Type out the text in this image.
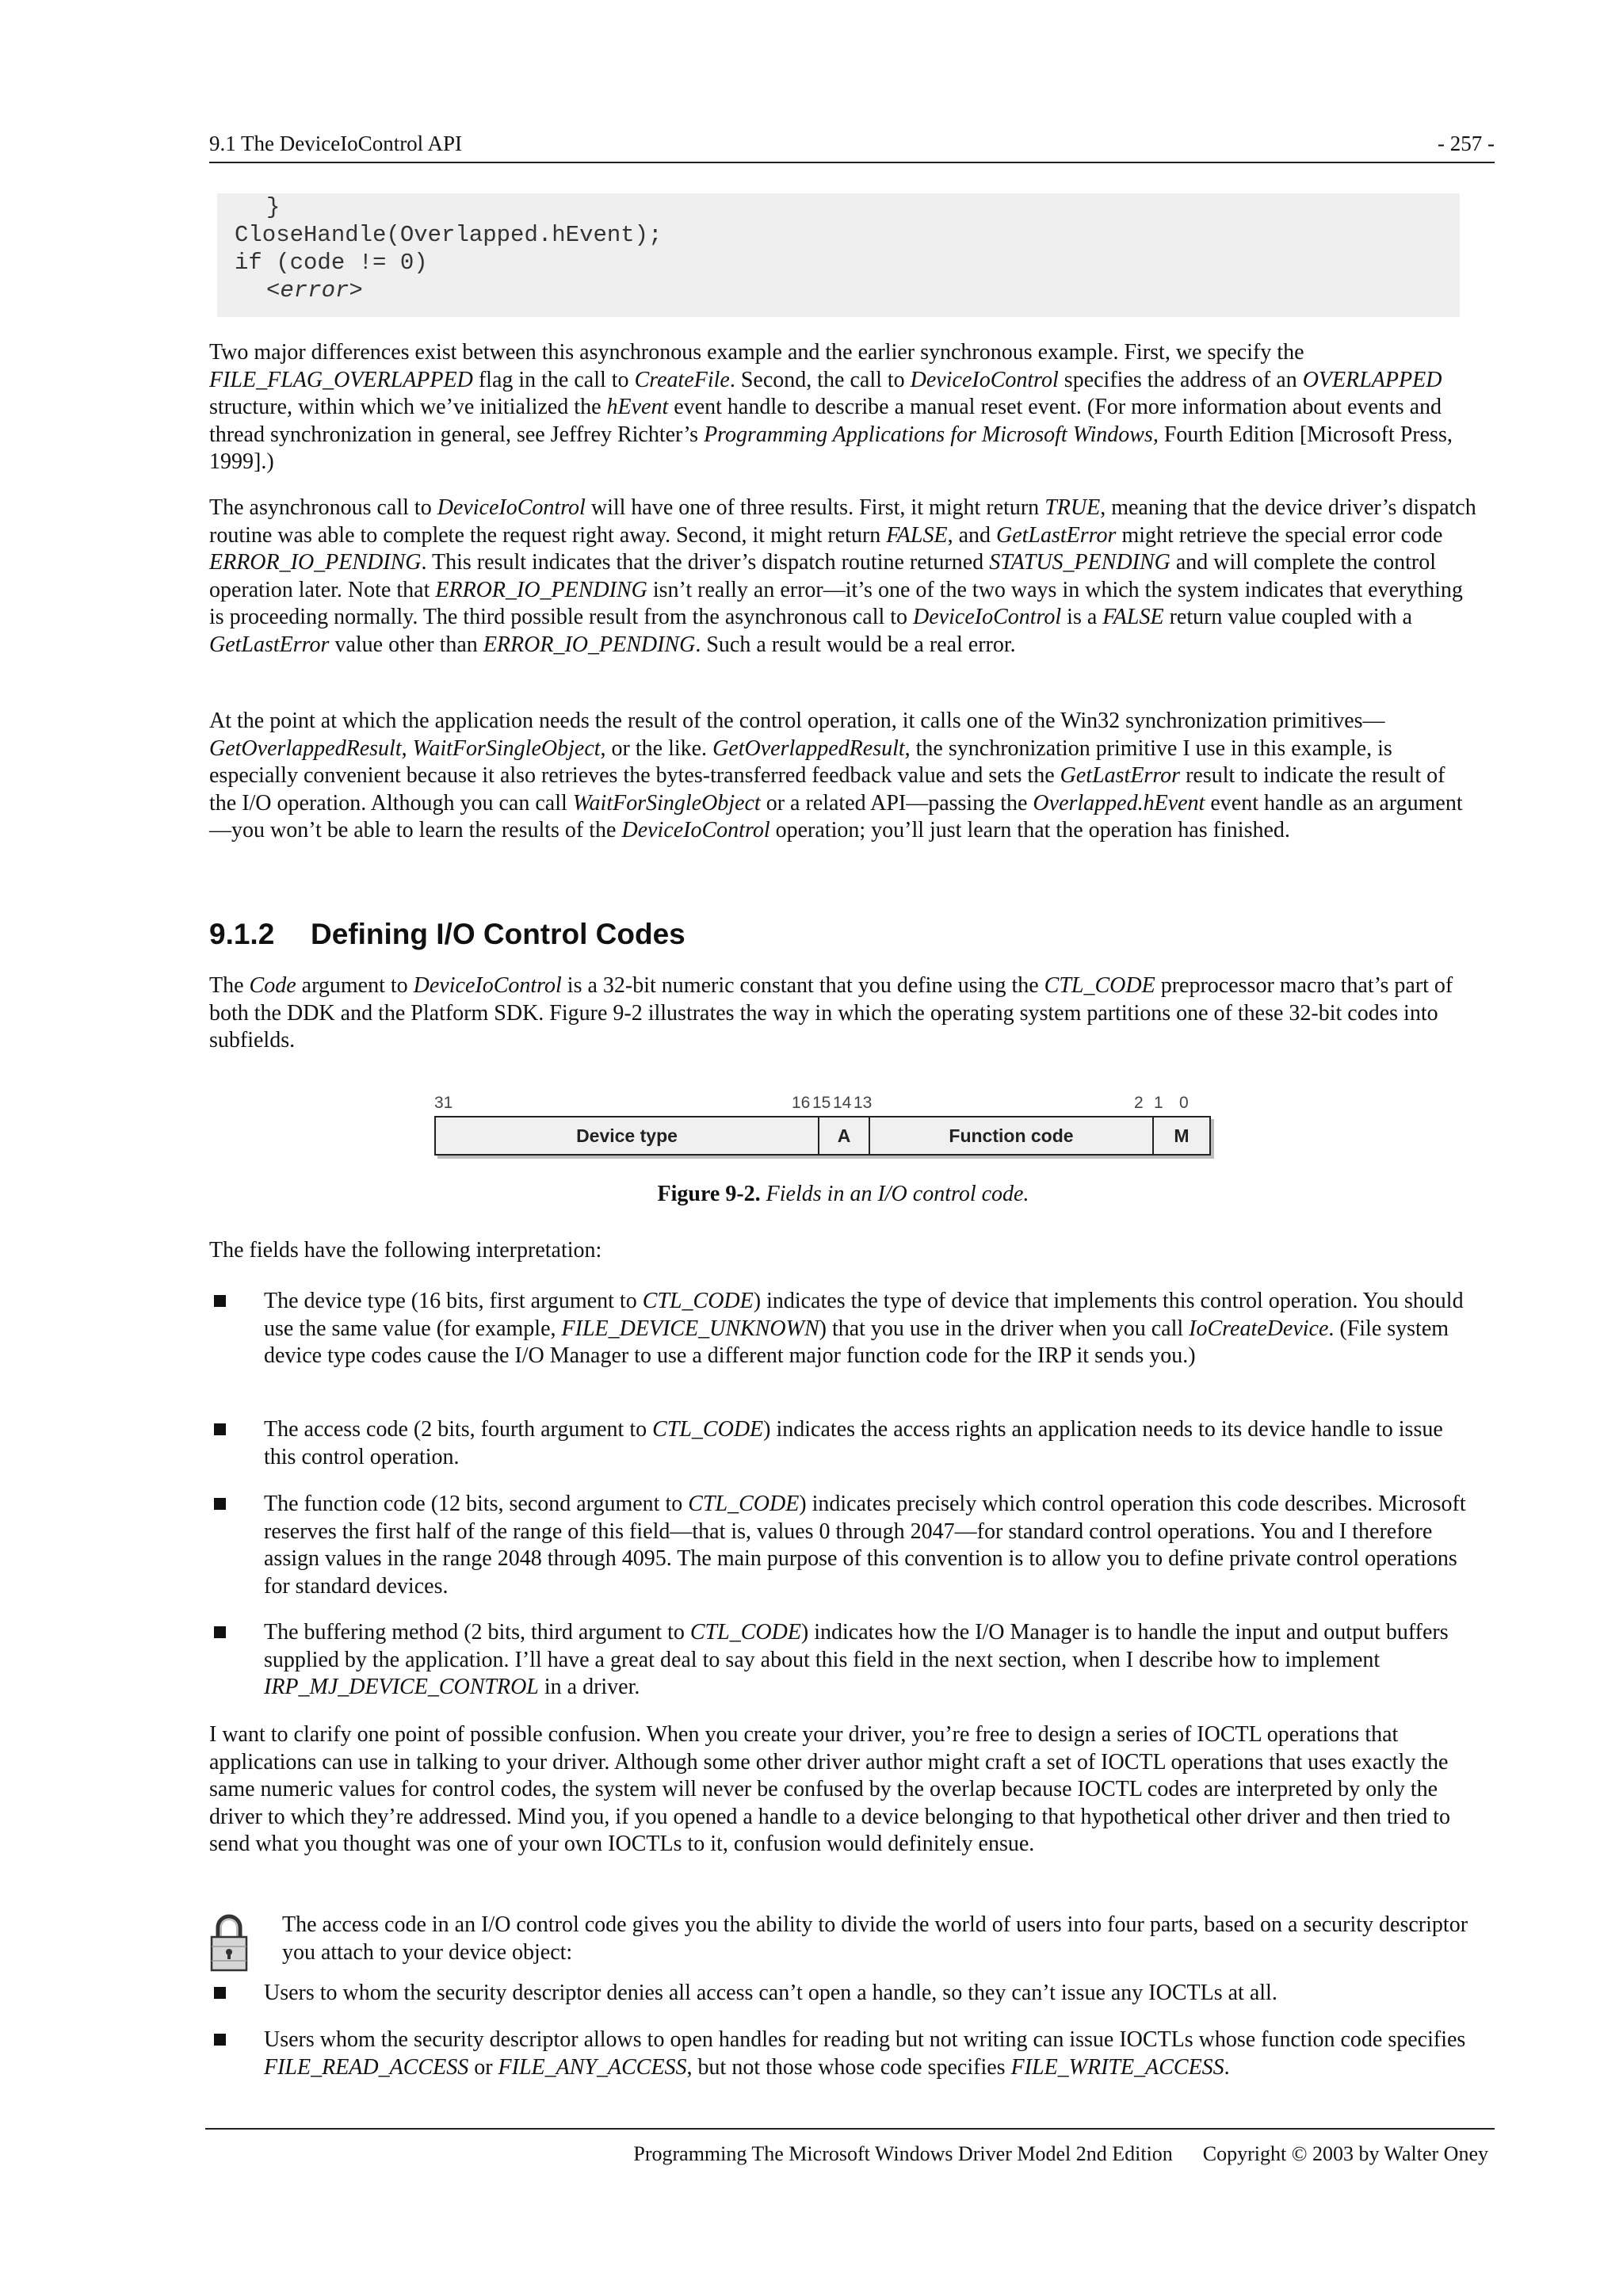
9.1 The DeviceIoControl API	- 257 -
}
CloseHandle(Overlapped.hEvent);
if (code != 0)
<error>

Two major differences exist between this asynchronous example and the earlier synchronous example. First, we specify the FILE_FLAG_OVERLAPPED flag in the call to CreateFile. Second, the call to DeviceIoControl specifies the address of an OVERLAPPED structure, within which we’ve initialized the hEvent event handle to describe a manual reset event. (For more information about events and thread synchronization in general, see Jeffrey Richter’s Programming Applications for Microsoft Windows, Fourth Edition [Microsoft Press, 1999].)

The asynchronous call to DeviceIoControl will have one of three results. First, it might return TRUE, meaning that the device driver’s dispatch routine was able to complete the request right away. Second, it might return FALSE, and GetLastError might retrieve the special error code ERROR_IO_PENDING. This result indicates that the driver’s dispatch routine returned STATUS_PENDING and will complete the control operation later. Note that ERROR_IO_PENDING isn’t really an error—it’s one of the two ways in which the system indicates that everything is proceeding normally. The third possible result from the asynchronous call to DeviceIoControl is a FALSE return value coupled with a GetLastError value other than ERROR_IO_PENDING. Such a result would be a real error.

At the point at which the application needs the result of the control operation, it calls one of the Win32 synchronization primitives—GetOverlappedResult, WaitForSingleObject, or the like. GetOverlappedResult, the synchronization primitive I use in this example, is especially convenient because it also retrieves the bytes-transferred feedback value and sets the GetLastError result to indicate the result of the I/O operation. Although you can call WaitForSingleObject or a related API—passing the Overlapped.hEvent event handle as an argument—you won’t be able to learn the results of the DeviceIoControl operation; you’ll just learn that the operation has finished.

9.1.2 Defining I/O Control Codes

The Code argument to DeviceIoControl is a 32-bit numeric constant that you define using the CTL_CODE preprocessor macro that’s part of both the DDK and the Platform SDK. Figure 9-2 illustrates the way in which the operating system partitions one of these 32-bit codes into subfields.

31	16 15 14 13	2 1 0
Device type	A	Function code	M
Figure 9-2. Fields in an I/O control code.

The fields have the following interpretation:

The device type (16 bits, first argument to CTL_CODE) indicates the type of device that implements this control operation. You should use the same value (for example, FILE_DEVICE_UNKNOWN) that you use in the driver when you call IoCreateDevice. (File system device type codes cause the I/O Manager to use a different major function code for the IRP it sends you.)
The access code (2 bits, fourth argument to CTL_CODE) indicates the access rights an application needs to its device handle to issue this control operation.
The function code (12 bits, second argument to CTL_CODE) indicates precisely which control operation this code describes. Microsoft reserves the first half of the range of this field—that is, values 0 through 2047—for standard control operations. You and I therefore assign values in the range 2048 through 4095. The main purpose of this convention is to allow you to define private control operations for standard devices.
The buffering method (2 bits, third argument to CTL_CODE) indicates how the I/O Manager is to handle the input and output buffers supplied by the application. I’ll have a great deal to say about this field in the next section, when I describe how to implement IRP_MJ_DEVICE_CONTROL in a driver.

I want to clarify one point of possible confusion. When you create your driver, you’re free to design a series of IOCTL operations that applications can use in talking to your driver. Although some other driver author might craft a set of IOCTL operations that uses exactly the same numeric values for control codes, the system will never be confused by the overlap because IOCTL codes are interpreted by only the driver to which they’re addressed. Mind you, if you opened a handle to a device belonging to that hypothetical other driver and then tried to send what you thought was one of your own IOCTLs to it, confusion would definitely ensue.

The access code in an I/O control code gives you the ability to divide the world of users into four parts, based on a security descriptor you attach to your device object:
Users to whom the security descriptor denies all access can’t open a handle, so they can’t issue any IOCTLs at all.
Users whom the security descriptor allows to open handles for reading but not writing can issue IOCTLs whose function code specifies FILE_READ_ACCESS or FILE_ANY_ACCESS, but not those whose code specifies FILE_WRITE_ACCESS.
Programming The Microsoft Windows Driver Model 2nd Edition Copyright © 2003 by Walter Oney
